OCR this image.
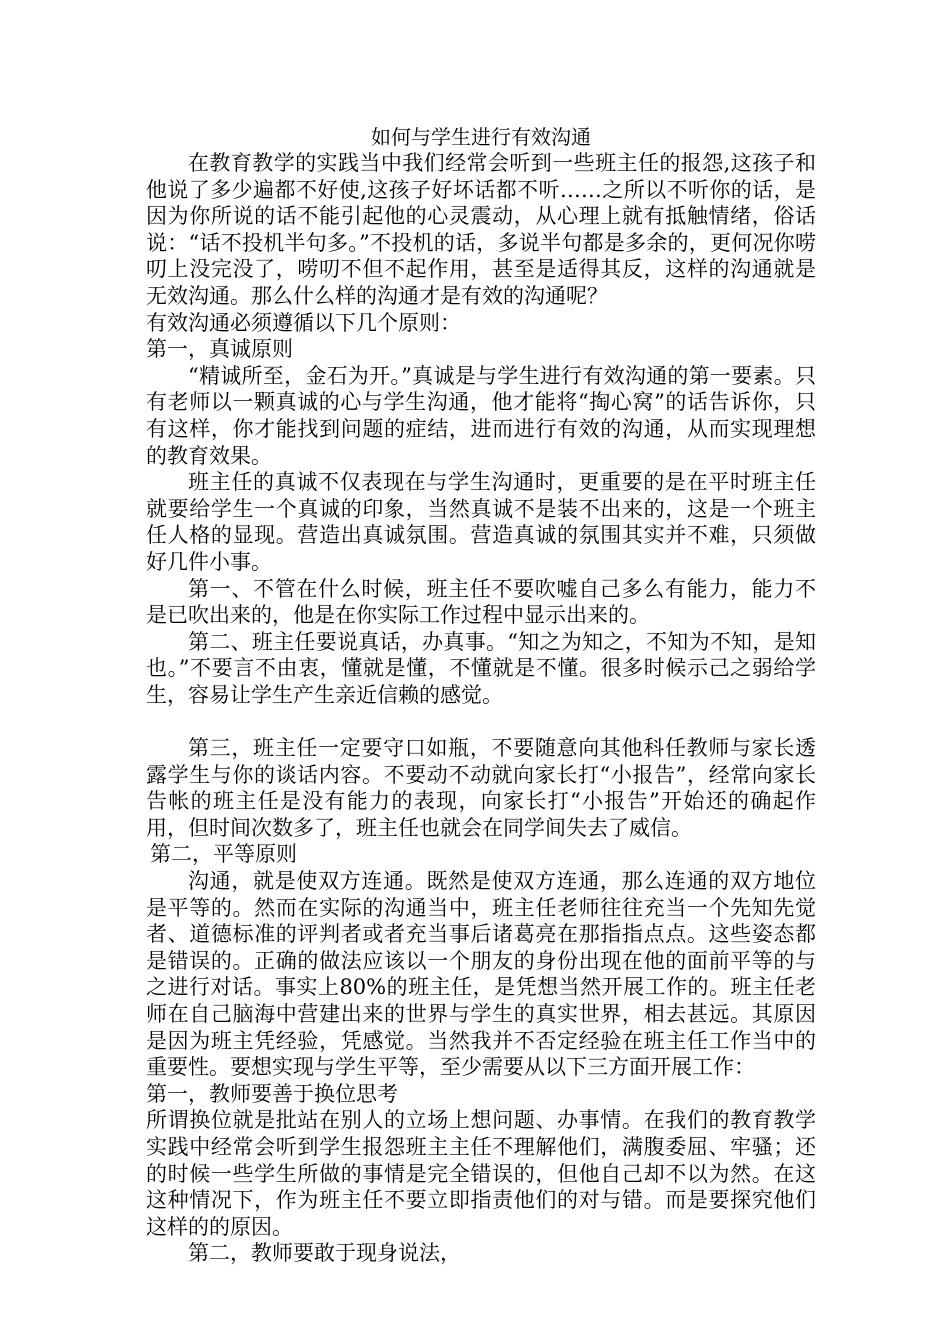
如何与学生进行有效沟通

在教育教学的实践当中我们经常会听到一些班主任的报怨,这孩子和他说了多少遍都不好使,这孩子好坏话都不听……之所以不听你的话，是因为你所说的话不能引起他的心灵震动，从心理上就有抵触情绪，俗话说：“话不投机半句多。”不投机的话，多说半句都是多余的，更何况你唠叨上没完没了，唠叨不但不起作用，甚至是适得其反，这样的沟通就是无效沟通。那么什么样的沟通才是有效的沟通呢？

有效沟通必须遵循以下几个原则：

第一，真诚原则

“精诚所至，金石为开。”真诚是与学生进行有效沟通的第一要素。只有老师以一颗真诚的心与学生沟通，他才能将“掏心窝”的话告诉你，只有这样，你才能找到问题的症结，进而进行有效的沟通，从而实现理想的教育效果。

班主任的真诚不仅表现在与学生沟通时，更重要的是在平时班主任就要给学生一个真诚的印象，当然真诚不是装不出来的，这是一个班主任人格的显现。营造出真诚氛围。营造真诚的氛围其实并不难，只须做好几件小事。

第一、不管在什么时候，班主任不要吹嘘自己多么有能力，能力不是已吹出来的，他是在你实际工作过程中显示出来的。

第二、班主任要说真话，办真事。“知之为知之，不知为不知，是知也。”不要言不由衷，懂就是懂，不懂就是不懂。很多时候示己之弱给学生，容易让学生产生亲近信赖的感觉。

第三，班主任一定要守口如瓶，不要随意向其他科任教师与家长透露学生与你的谈话内容。不要动不动就向家长打“小报告”，经常向家长告帐的班主任是没有能力的表现，向家长打“小报告”开始还的确起作用，但时间次数多了，班主任也就会在同学间失去了威信。

第二，平等原则

沟通，就是使双方连通。既然是使双方连通，那么连通的双方地位是平等的。然而在实际的沟通当中，班主任老师往往充当一个先知先觉者、道德标准的评判者或者充当事后诸葛亮在那指指点点。这些姿态都是错误的。正确的做法应该以一个朋友的身份出现在他的面前平等的与之进行对话。事实上80%的班主任，是凭想当然开展工作的。班主任老师在自己脑海中营建出来的世界与学生的真实世界，相去甚远。其原因是因为班主凭经验，凭感觉。当然我并不否定经验在班主任工作当中的重要性。要想实现与学生平等，至少需要从以下三方面开展工作：

第一，教师要善于换位思考

所谓换位就是批站在别人的立场上想问题、办事情。在我们的教育教学实践中经常会听到学生报怨班主主任不理解他们，满腹委屈、牢骚；还的时候一些学生所做的事情是完全错误的，但他自己却不以为然。在这这种情况下，作为班主任不要立即指责他们的对与错。而是要探究他们这样的的原因。

第二，教师要敢于现身说法，
